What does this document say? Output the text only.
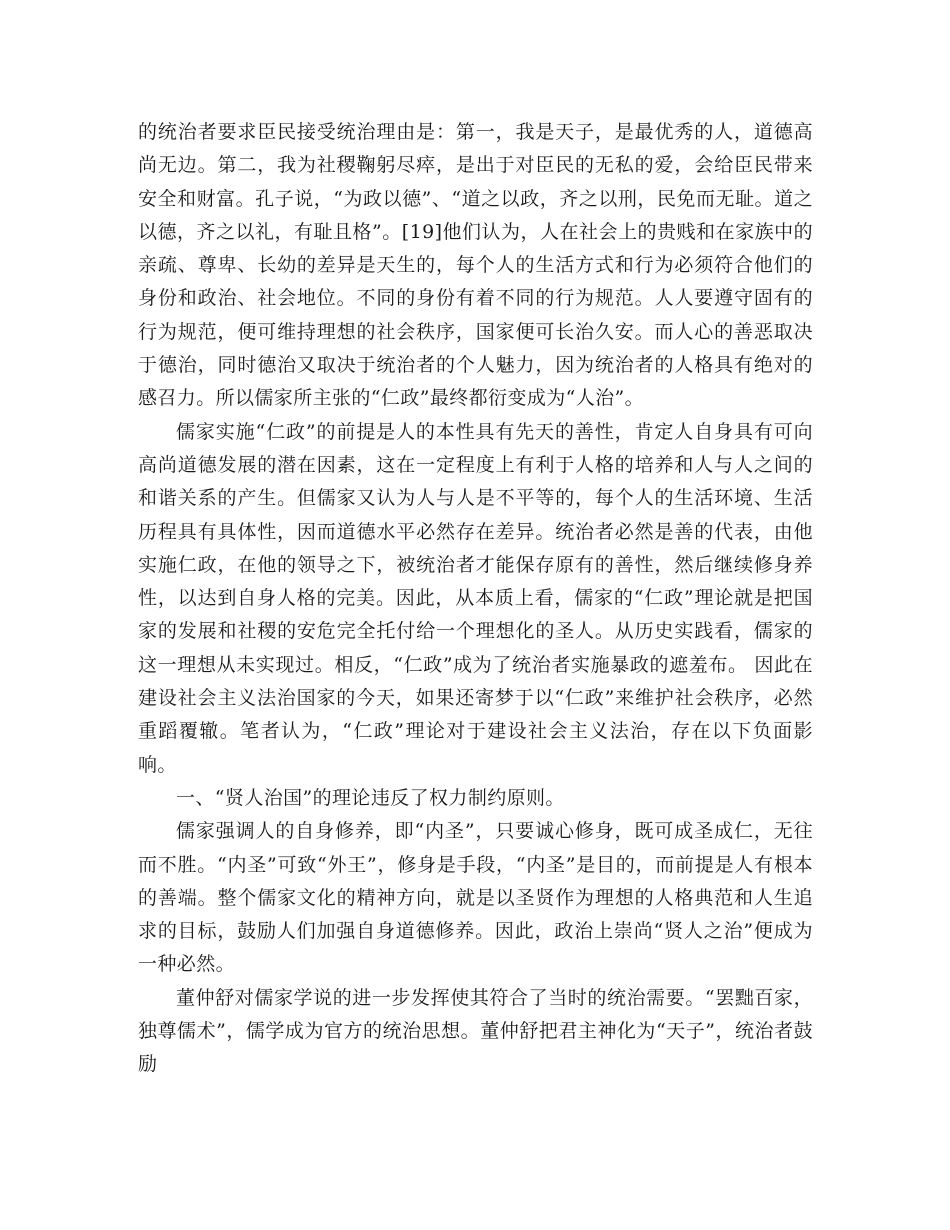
的统治者要求臣民接受统治理由是：第一，我是天子，是最优秀的人，道德高尚无边。第二，我为社稷鞠躬尽瘁，是出于对臣民的无私的爱，会给臣民带来安全和财富。孔子说，“为政以德”、“道之以政，齐之以刑，民免而无耻。道之以德，齐之以礼，有耻且格”。[19]他们认为，人在社会上的贵贱和在家族中的亲疏、尊卑、长幼的差异是天生的，每个人的生活方式和行为必须符合他们的身份和政治、社会地位。不同的身份有着不同的行为规范。人人要遵守固有的行为规范，便可维持理想的社会秩序，国家便可长治久安。而人心的善恶取决于德治，同时德治又取决于统治者的个人魅力，因为统治者的人格具有绝对的感召力。所以儒家所主张的“仁政”最终都衍变成为“人治”。

儒家实施“仁政”的前提是人的本性具有先天的善性，肯定人自身具有可向高尚道德发展的潜在因素，这在一定程度上有利于人格的培养和人与人之间的和谐关系的产生。但儒家又认为人与人是不平等的，每个人的生活环境、生活历程具有具体性，因而道德水平必然存在差异。统治者必然是善的代表，由他实施仁政，在他的领导之下，被统治者才能保存原有的善性，然后继续修身养性，以达到自身人格的完美。因此，从本质上看，儒家的“仁政”理论就是把国家的发展和社稷的安危完全托付给一个理想化的圣人。从历史实践看，儒家的这一理想从未实现过。相反，“仁政”成为了统治者实施暴政的遮羞布。 因此在建设社会主义法治国家的今天，如果还寄梦于以“仁政”来维护社会秩序，必然重蹈覆辙。笔者认为，“仁政”理论对于建设社会主义法治，存在以下负面影响。

一、“贤人治国”的理论违反了权力制约原则。

儒家强调人的自身修养，即“内圣”，只要诚心修身，既可成圣成仁，无往而不胜。“内圣”可致“外王”，修身是手段，“内圣”是目的，而前提是人有根本的善端。整个儒家文化的精神方向，就是以圣贤作为理想的人格典范和人生追求的目标，鼓励人们加强自身道德修养。因此，政治上崇尚“贤人之治”便成为一种必然。

董仲舒对儒家学说的进一步发挥使其符合了当时的统治需要。“罢黜百家，独尊儒术”，儒学成为官方的统治思想。董仲舒把君主神化为“天子”，统治者鼓励
